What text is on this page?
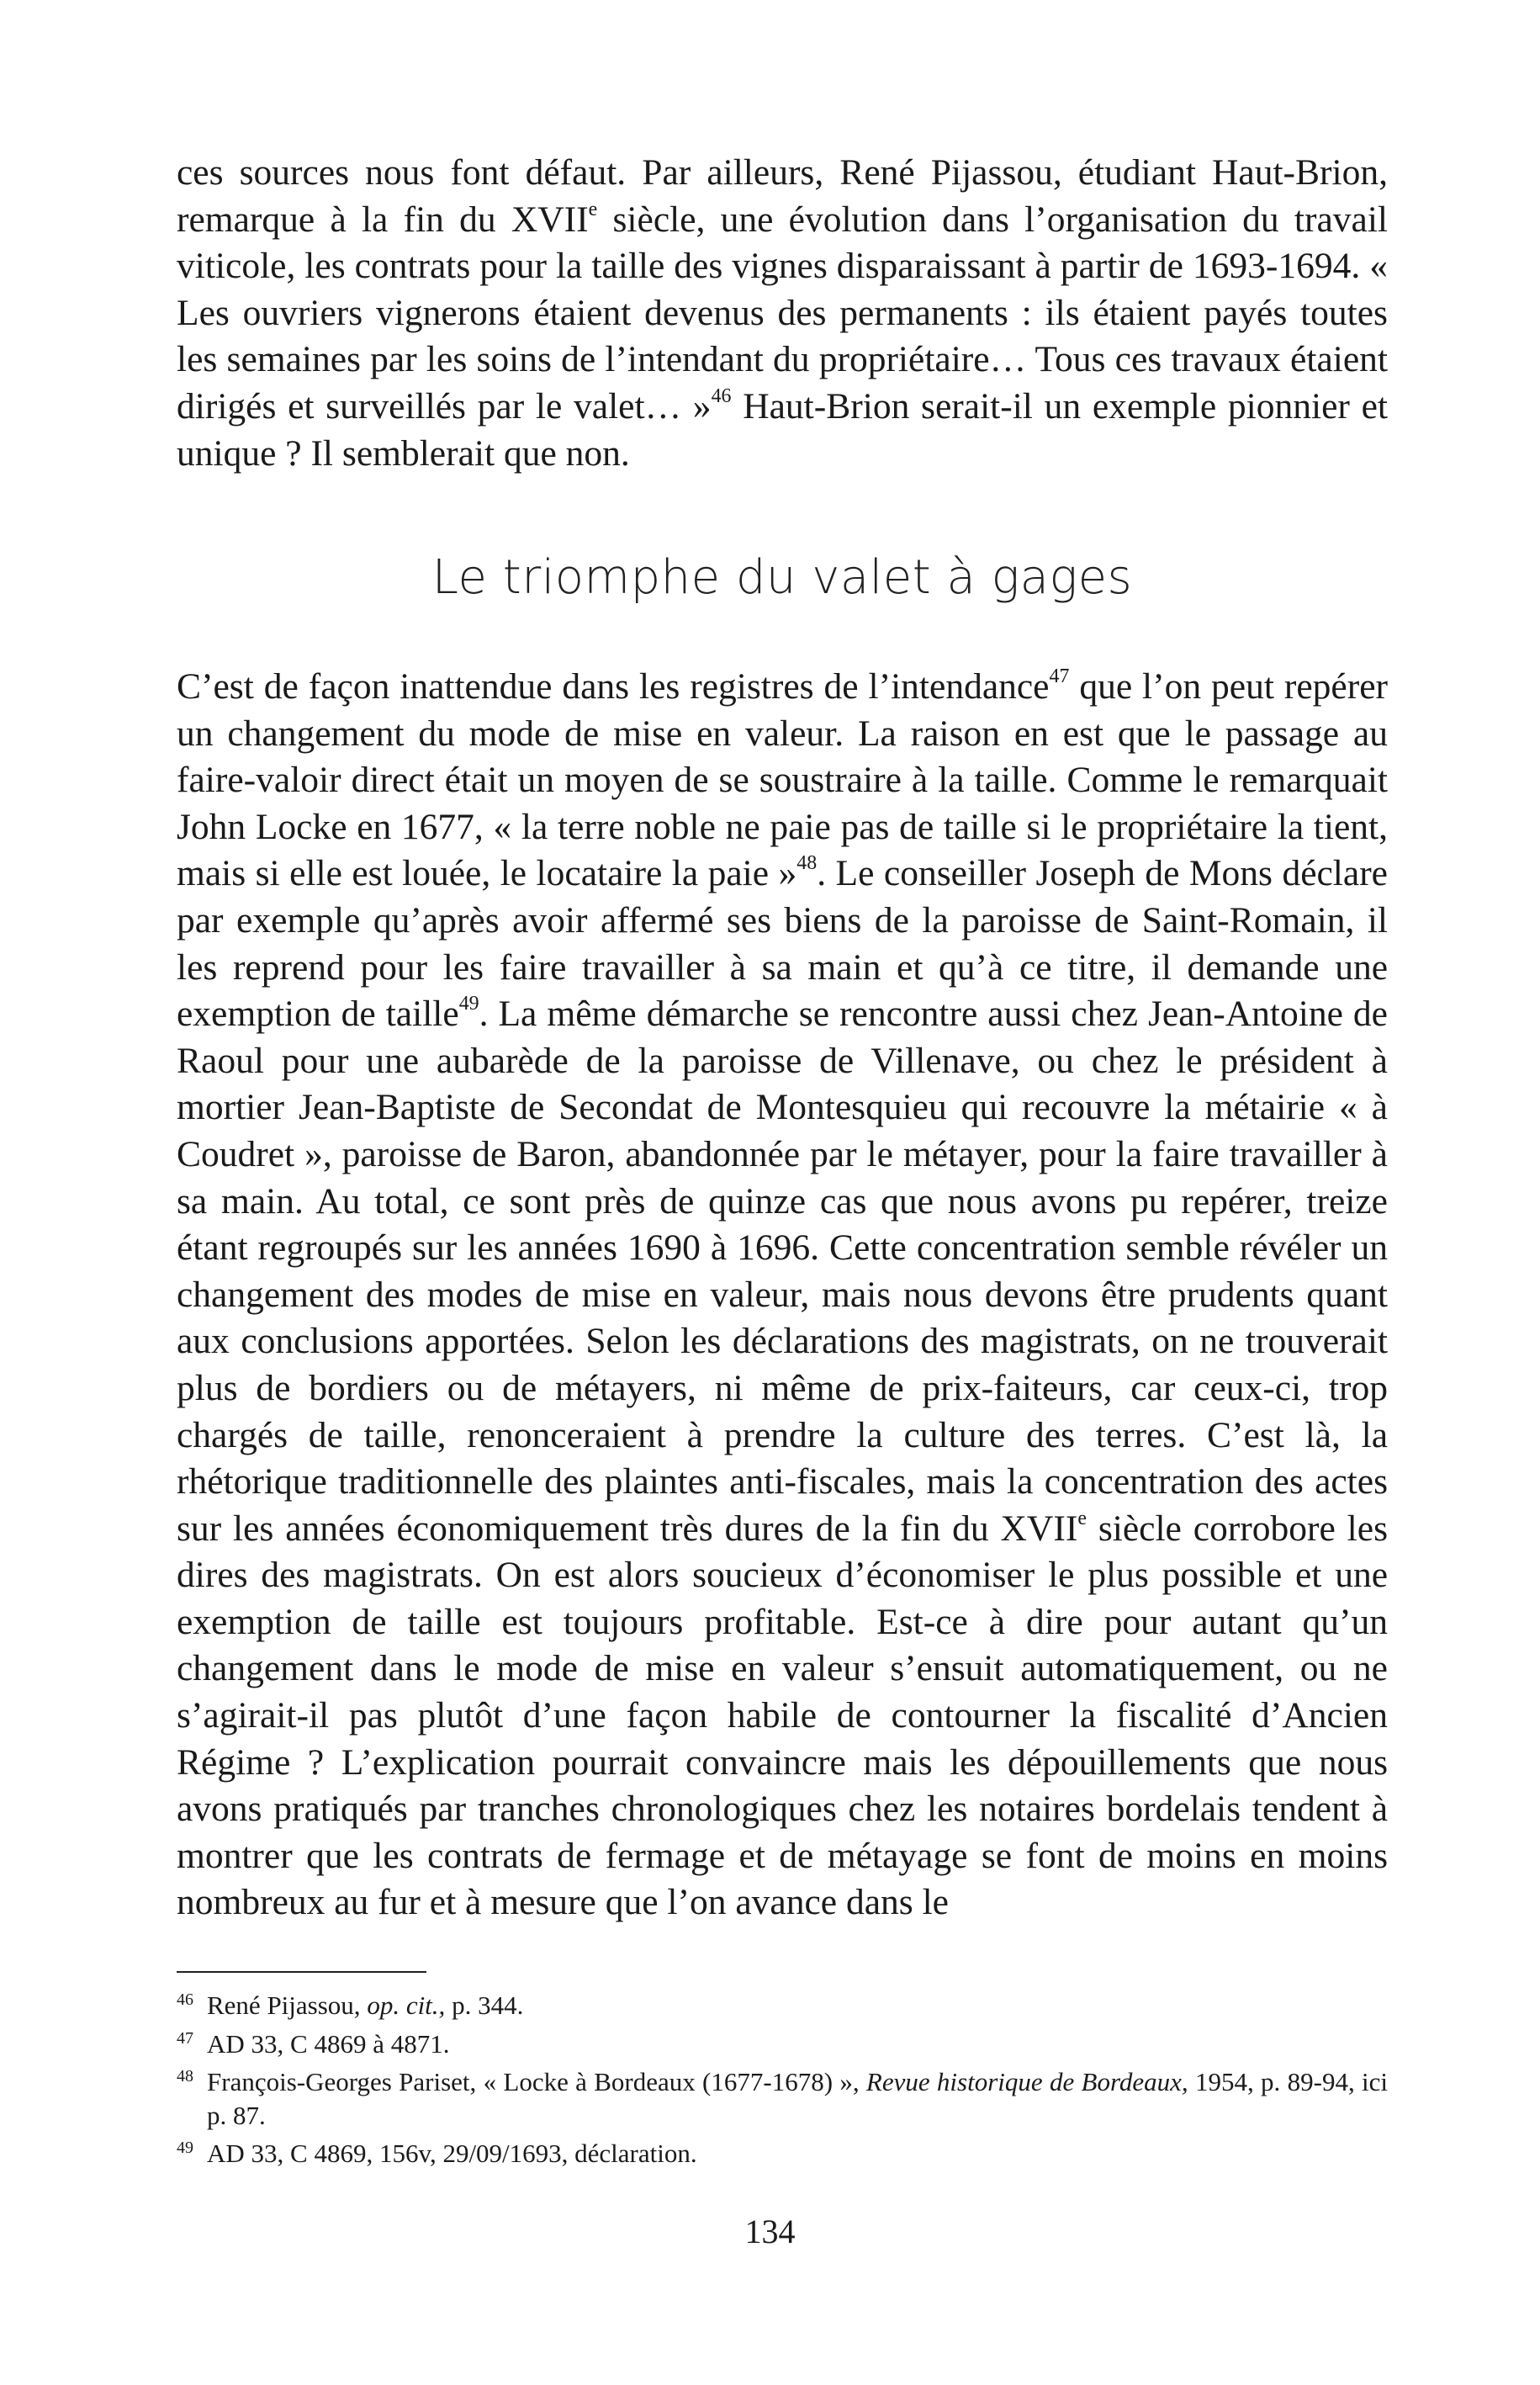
ces sources nous font défaut. Par ailleurs, René Pijassou, étudiant Haut-Brion, remarque à la fin du XVIIe siècle, une évolution dans l’organisation du travail viticole, les contrats pour la taille des vignes disparaissant à partir de 1693-1694. « Les ouvriers vignerons étaient devenus des permanents : ils étaient payés toutes les semaines par les soins de l’intendant du propriétaire… Tous ces travaux étaient dirigés et surveillés par le valet… »$^{46}$ Haut-Brion serait-il un exemple pionnier et unique ? Il semblerait que non.

Le triomphe du valet à gages

C’est de façon inattendue dans les registres de l’intendance$^{47}$ que l’on peut repérer un changement du mode de mise en valeur. La raison en est que le passage au faire-valoir direct était un moyen de se soustraire à la taille. Comme le remarquait John Locke en 1677, « la terre noble ne paie pas de taille si le propriétaire la tient, mais si elle est louée, le locataire la paie »$^{48}$. Le conseiller Joseph de Mons déclare par exemple qu’après avoir affermé ses biens de la paroisse de Saint-Romain, il les reprend pour les faire travailler à sa main et qu’à ce titre, il demande une exemption de taille$^{49}$. La même démarche se rencontre aussi chez Jean-Antoine de Raoul pour une aubarède de la paroisse de Villenave, ou chez le président à mortier Jean-Baptiste de Secondat de Montesquieu qui recouvre la métairie « à Coudret », paroisse de Baron, abandonnée par le métayer, pour la faire travailler à sa main. Au total, ce sont près de quinze cas que nous avons pu repérer, treize étant regroupés sur les années 1690 à 1696. Cette concentration semble révéler un changement des modes de mise en valeur, mais nous devons être prudents quant aux conclusions apportées. Selon les déclarations des magistrats, on ne trouverait plus de bordiers ou de métayers, ni même de prix-faiteurs, car ceux-ci, trop chargés de taille, renonceraient à prendre la culture des terres. C’est là, la rhétorique traditionnelle des plaintes anti-fiscales, mais la concentration des actes sur les années économiquement très dures de la fin du XVIIe siècle corrobore les dires des magistrats. On est alors soucieux d’économiser le plus possible et une exemption de taille est toujours profitable. Est-ce à dire pour autant qu’un changement dans le mode de mise en valeur s’ensuit automatiquement, ou ne s’agirait-il pas plutôt d’une façon habile de contourner la fiscalité d’Ancien Régime ? L’explication pourrait convaincre mais les dépouillements que nous avons pratiqués par tranches chronologiques chez les notaires bordelais tendent à montrer que les contrats de fermage et de métayage se font de moins en moins nombreux au fur et à mesure que l’on avance dans le

46 René Pijassou, op. cit., p. 344.
47 AD 33, C 4869 à 4871.
48 François-Georges Pariset, « Locke à Bordeaux (1677-1678) », Revue historique de Bordeaux, 1954, p. 89-94, ici p. 87.
49 AD 33, C 4869, 156v, 29/09/1693, déclaration.

134
